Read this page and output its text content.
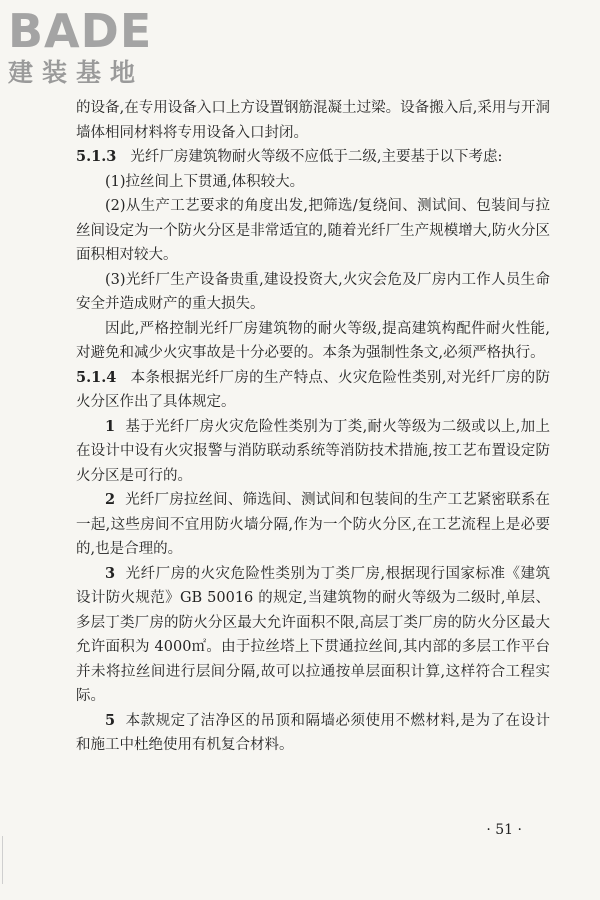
BADE
建装基地

的设备,在专用设备入口上方设置钢筋混凝土过梁。设备搬入后,采用与开洞墙体相同材料将专用设备入口封闭。

5.1.3 光纤厂房建筑物耐火等级不应低于二级,主要基于以下考虑:

(1)拉丝间上下贯通,体积较大。

(2)从生产工艺要求的角度出发,把筛选/复绕间、测试间、包装间与拉丝间设定为一个防火分区是非常适宜的,随着光纤厂生产规模增大,防火分区面积相对较大。

(3)光纤厂生产设备贵重,建设投资大,火灾会危及厂房内工作人员生命安全并造成财产的重大损失。

因此,严格控制光纤厂房建筑物的耐火等级,提高建筑构配件耐火性能,对避免和减少火灾事故是十分必要的。本条为强制性条文,必须严格执行。

5.1.4 本条根据光纤厂房的生产特点、火灾危险性类别,对光纤厂房的防火分区作出了具体规定。

1 基于光纤厂房火灾危险性类别为丁类,耐火等级为二级或以上,加上在设计中设有火灾报警与消防联动系统等消防技术措施,按工艺布置设定防火分区是可行的。

2 光纤厂房拉丝间、筛选间、测试间和包装间的生产工艺紧密联系在一起,这些房间不宜用防火墙分隔,作为一个防火分区,在工艺流程上是必要的,也是合理的。

3 光纤厂房的火灾危险性类别为丁类厂房,根据现行国家标准《建筑设计防火规范》GB 50016 的规定,当建筑物的耐火等级为二级时,单层、多层丁类厂房的防火分区最大允许面积不限,高层丁类厂房的防火分区最大允许面积为 4000㎡。由于拉丝塔上下贯通拉丝间,其内部的多层工作平台并未将拉丝间进行层间分隔,故可以拉通按单层面积计算,这样符合工程实际。

5 本款规定了洁净区的吊顶和隔墙必须使用不燃材料,是为了在设计和施工中杜绝使用有机复合材料。

· 51 ·
